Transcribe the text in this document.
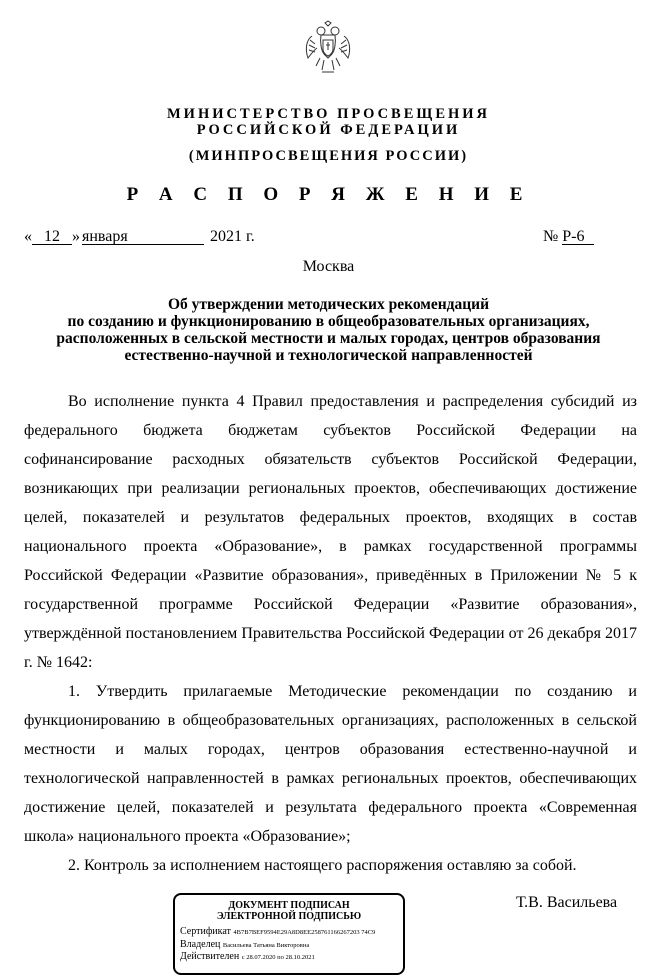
МИНИСТЕРСТВО ПРОСВЕЩЕНИЯ
РОССИЙСКОЙ ФЕДЕРАЦИИ
(МИНПРОСВЕЩЕНИЯ РОССИИ)
Р А С П О Р Я Ж Е Н И Е
« 12 » января	2021 г.	№ Р-6
Москва
Об утверждении методических рекомендаций
по созданию и функционированию в общеобразовательных организациях,
расположенных в сельской местности и малых городах, центров образования
естественно-научной и технологической направленностей

Во исполнение пункта 4 Правил предоставления и распределения субсидий из федерального бюджета бюджетам субъектов Российской Федерации на софинансирование расходных обязательств субъектов Российской Федерации, возникающих при реализации региональных проектов, обеспечивающих достижение целей, показателей и результатов федеральных проектов, входящих в состав национального проекта «Образование», в рамках государственной программы Российской Федерации «Развитие образования», приведённых в Приложении № 5 к государственной программе Российской Федерации «Развитие образования», утверждённой постановлением Правительства Российской Федерации от 26 декабря 2017 г. № 1642:

1. Утвердить прилагаемые Методические рекомендации по созданию и функционированию в общеобразовательных организациях, расположенных в сельской местности и малых городах, центров образования естественно-научной и технологической направленностей в рамках региональных проектов, обеспечивающих достижение целей, показателей и результата федерального проекта «Современная школа» национального проекта «Образование»;

2. Контроль за исполнением настоящего распоряжения оставляю за собой.

Т.В. Васильева
ДОКУМЕНТ ПОДПИСАН
ЭЛЕКТРОННОЙ ПОДПИСЬЮ
Сертификат 4B7B7BEF9594E29A8D8EE258761166267203 74C9
Владелец Васильева Татьяна Викторовна
Действителен с 28.07.2020 по 28.10.2021
